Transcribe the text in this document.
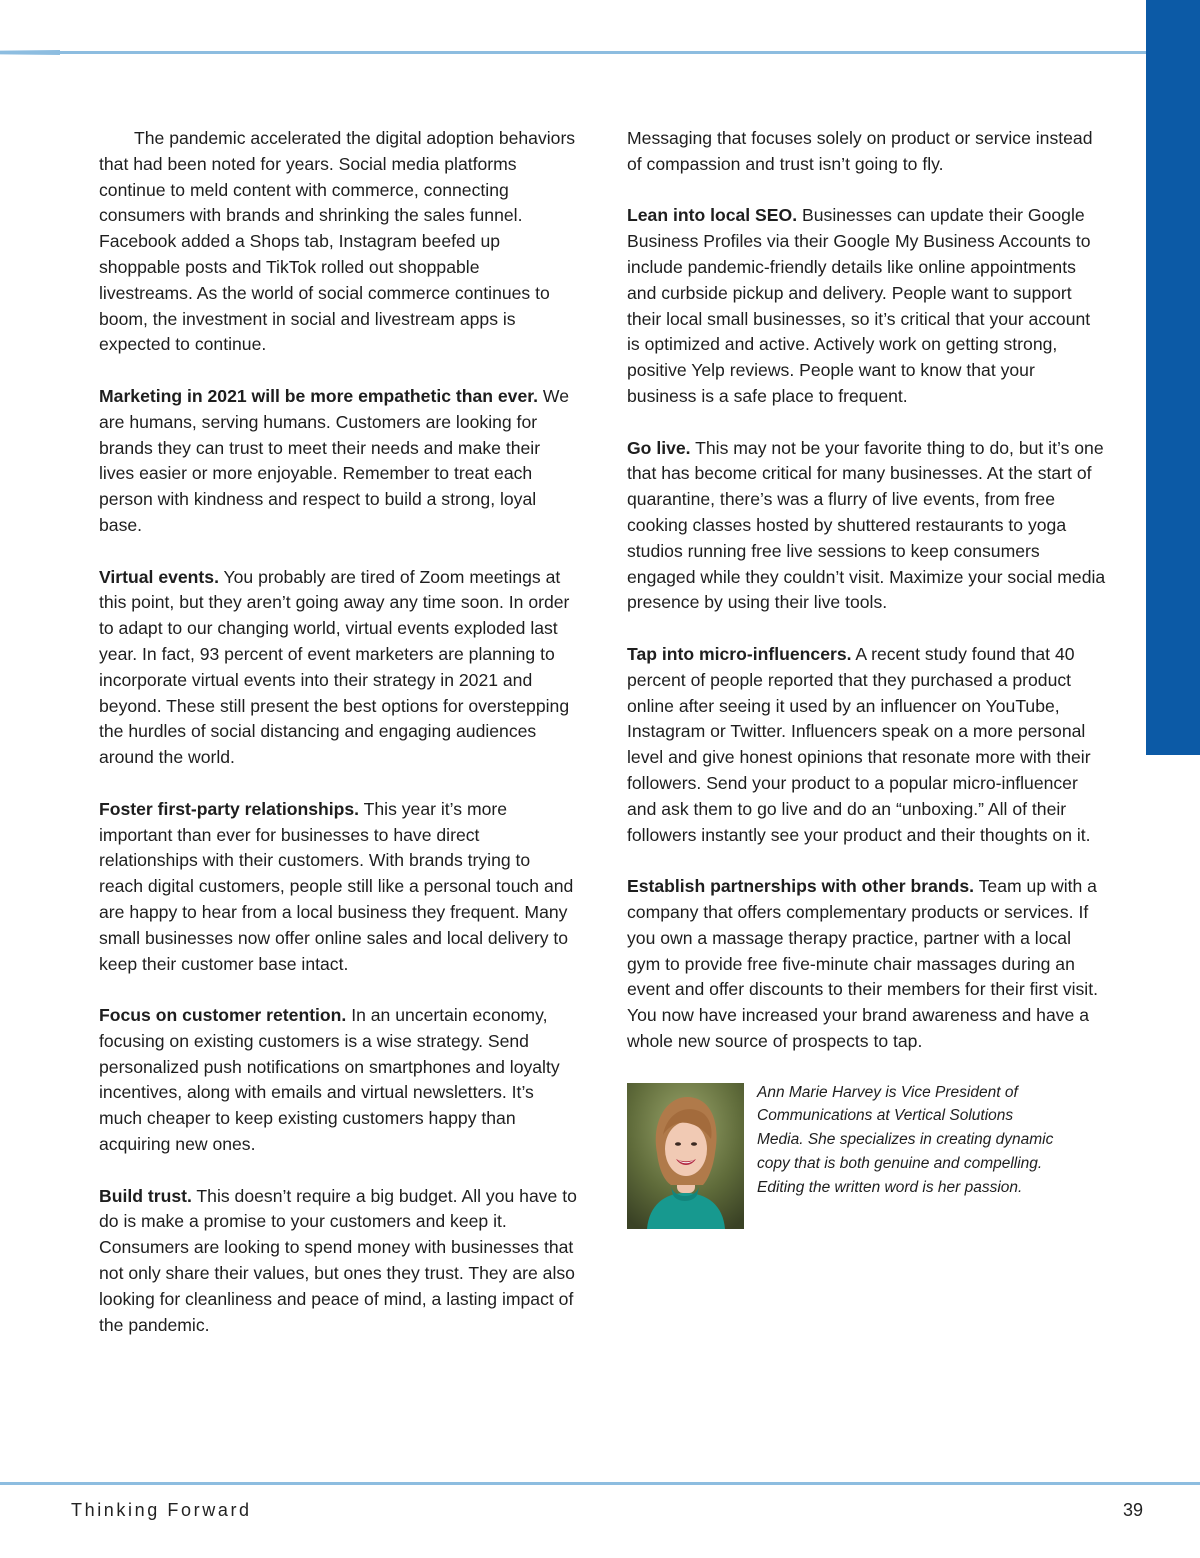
The pandemic accelerated the digital adoption behaviors that had been noted for years. Social media platforms continue to meld content with commerce, connecting consumers with brands and shrinking the sales funnel. Facebook added a Shops tab, Instagram beefed up shoppable posts and TikTok rolled out shoppable livestreams. As the world of social commerce continues to boom, the investment in social and livestream apps is expected to continue.

Marketing in 2021 will be more empathetic than ever. We are humans, serving humans. Customers are looking for brands they can trust to meet their needs and make their lives easier or more enjoyable. Remember to treat each person with kindness and respect to build a strong, loyal base.

Virtual events. You probably are tired of Zoom meetings at this point, but they aren’t going away any time soon. In order to adapt to our changing world, virtual events exploded last year. In fact, 93 percent of event marketers are planning to incorporate virtual events into their strategy in 2021 and beyond. These still present the best options for overstepping the hurdles of social distancing and engaging audiences around the world.

Foster first-party relationships. This year it’s more important than ever for businesses to have direct relationships with their customers. With brands trying to reach digital customers, people still like a personal touch and are happy to hear from a local business they frequent. Many small businesses now offer online sales and local delivery to keep their customer base intact.

Focus on customer retention. In an uncertain economy, focusing on existing customers is a wise strategy. Send personalized push notifications on smartphones and loyalty incentives, along with emails and virtual newsletters. It’s much cheaper to keep existing customers happy than acquiring new ones.

Build trust. This doesn’t require a big budget. All you have to do is make a promise to your customers and keep it. Consumers are looking to spend money with businesses that not only share their values, but ones they trust. They are also looking for cleanliness and peace of mind, a lasting impact of the pandemic.

Messaging that focuses solely on product or service instead of compassion and trust isn’t going to fly.

Lean into local SEO. Businesses can update their Google Business Profiles via their Google My Business Accounts to include pandemic-friendly details like online appointments and curbside pickup and delivery. People want to support their local small businesses, so it’s critical that your account is optimized and active. Actively work on getting strong, positive Yelp reviews. People want to know that your business is a safe place to frequent.

Go live. This may not be your favorite thing to do, but it’s one that has become critical for many businesses. At the start of quarantine, there’s was a flurry of live events, from free cooking classes hosted by shuttered restaurants to yoga studios running free live sessions to keep consumers engaged while they couldn’t visit. Maximize your social media presence by using their live tools.

Tap into micro-influencers. A recent study found that 40 percent of people reported that they purchased a product online after seeing it used by an influencer on YouTube, Instagram or Twitter. Influencers speak on a more personal level and give honest opinions that resonate more with their followers. Send your product to a popular micro-influencer and ask them to go live and do an “unboxing.” All of their followers instantly see your product and their thoughts on it.

Establish partnerships with other brands. Team up with a company that offers complementary products or services. If you own a massage therapy practice, partner with a local gym to provide free five-minute chair massages during an event and offer discounts to their members for their first visit. You now have increased your brand awareness and have a whole new source of prospects to tap.

Ann Marie Harvey is Vice President of Communications at Vertical Solutions Media. She specializes in creating dynamic copy that is both genuine and compelling. Editing the written word is her passion.
Thinking Forward	39
